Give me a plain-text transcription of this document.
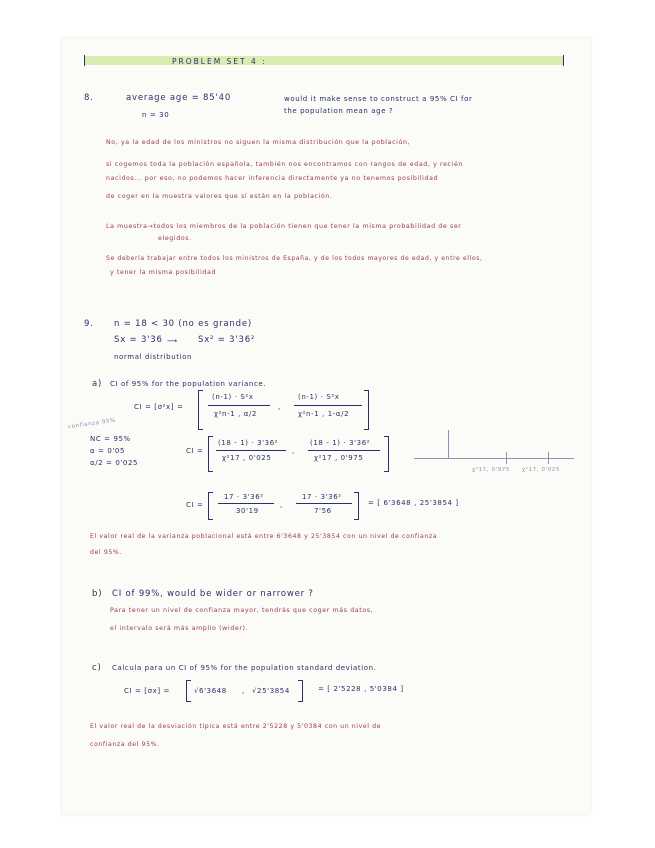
PROBLEM SET 4 :
8.	average age = 85'40
n = 30
would it make sense to construct a 95% CI for
the population mean age ?
No, ya la edad de los ministros no siguen la misma distribución que la población,
si cogemos toda la población española, también nos encontramos con rangos de edad, y recién
nacidos... por eso, no podemos hacer inferencia directamente ya no tenemos posibilidad
de coger en la muestra valores que sí están en la población.
La muestra→todos los miembros de la población tienen que tener la misma probabilidad de ser
elegidos.
Se debería trabajar entre todos los ministros de España, y de los todos mayores de edad, y entre ellos,
y tener la misma posibilidad
9. n = 18 < 30 (no es grande)
Sx = 3'36 ⟶ Sx² = 3'36²
normal distribution
a) CI of 95% for the population variance.
CI = [σ²x] =
(n-1) · S²x
χ²n-1 , α/2
,
(n-1) · S²x
χ²n-1 , 1-α/2
confianza 95%
NC = 95%
α = 0'05
α/2 = 0'025
CI =
(18 - 1) · 3'36²
χ²17 , 0'025
,
(18 - 1) · 3'36²
χ²17 , 0'975
χ²17, 0'975 χ²17, 0'025
CI =
17 · 3'36²
30'19
,
17 · 3'36²
7'56
= [ 6'3648 , 25'3854 ]
El valor real de la varianza poblacional está entre 6'3648 y 25'3854 con un nivel de confianza
del 95%.
b) CI of 99%, would be wider or narrower ?
Para tener un nivel de confianza mayor, tendrás que coger más datos,
el intervalo será más amplio (wider).
c) Calcula para un CI of 95% for the population standard deviation.
CI = [σx] =	√6'3648 , √25'3854	= [ 2'5228 , 5'0384 ]
El valor real de la desviación típica está entre 2'5228 y 5'0384 con un nivel de
confianza del 95%.
